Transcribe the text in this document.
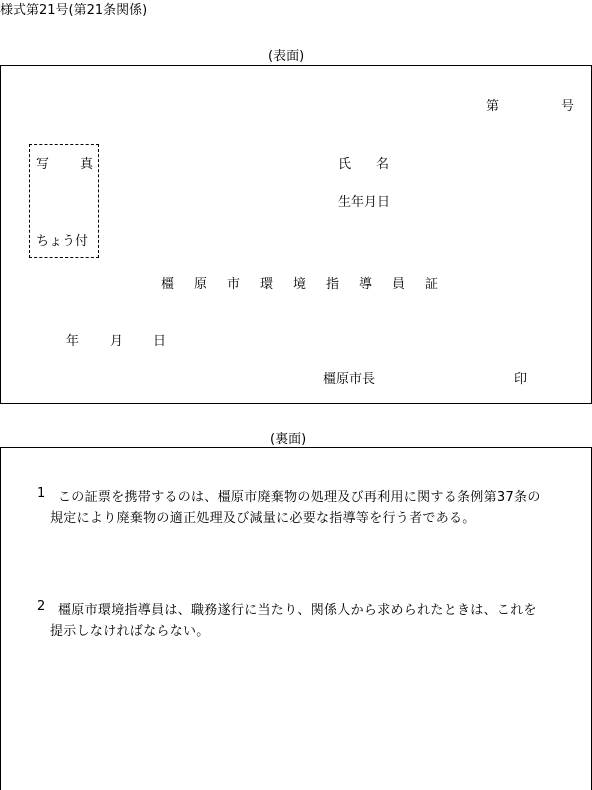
様式第21号(第21条関係)
(表面)
第	号
写 真
ちょう付
氏　名
生年月日
橿原市環境指導員証
年 月 日
橿原市長	印
(裏面)
1 この証票を携帯するのは、橿原市廃棄物の処理及び再利用に関する条例第37条の
規定により廃棄物の適正処理及び減量に必要な指導等を行う者である。
2 橿原市環境指導員は、職務遂行に当たり、関係人から求められたときは、これを
提示しなければならない。
